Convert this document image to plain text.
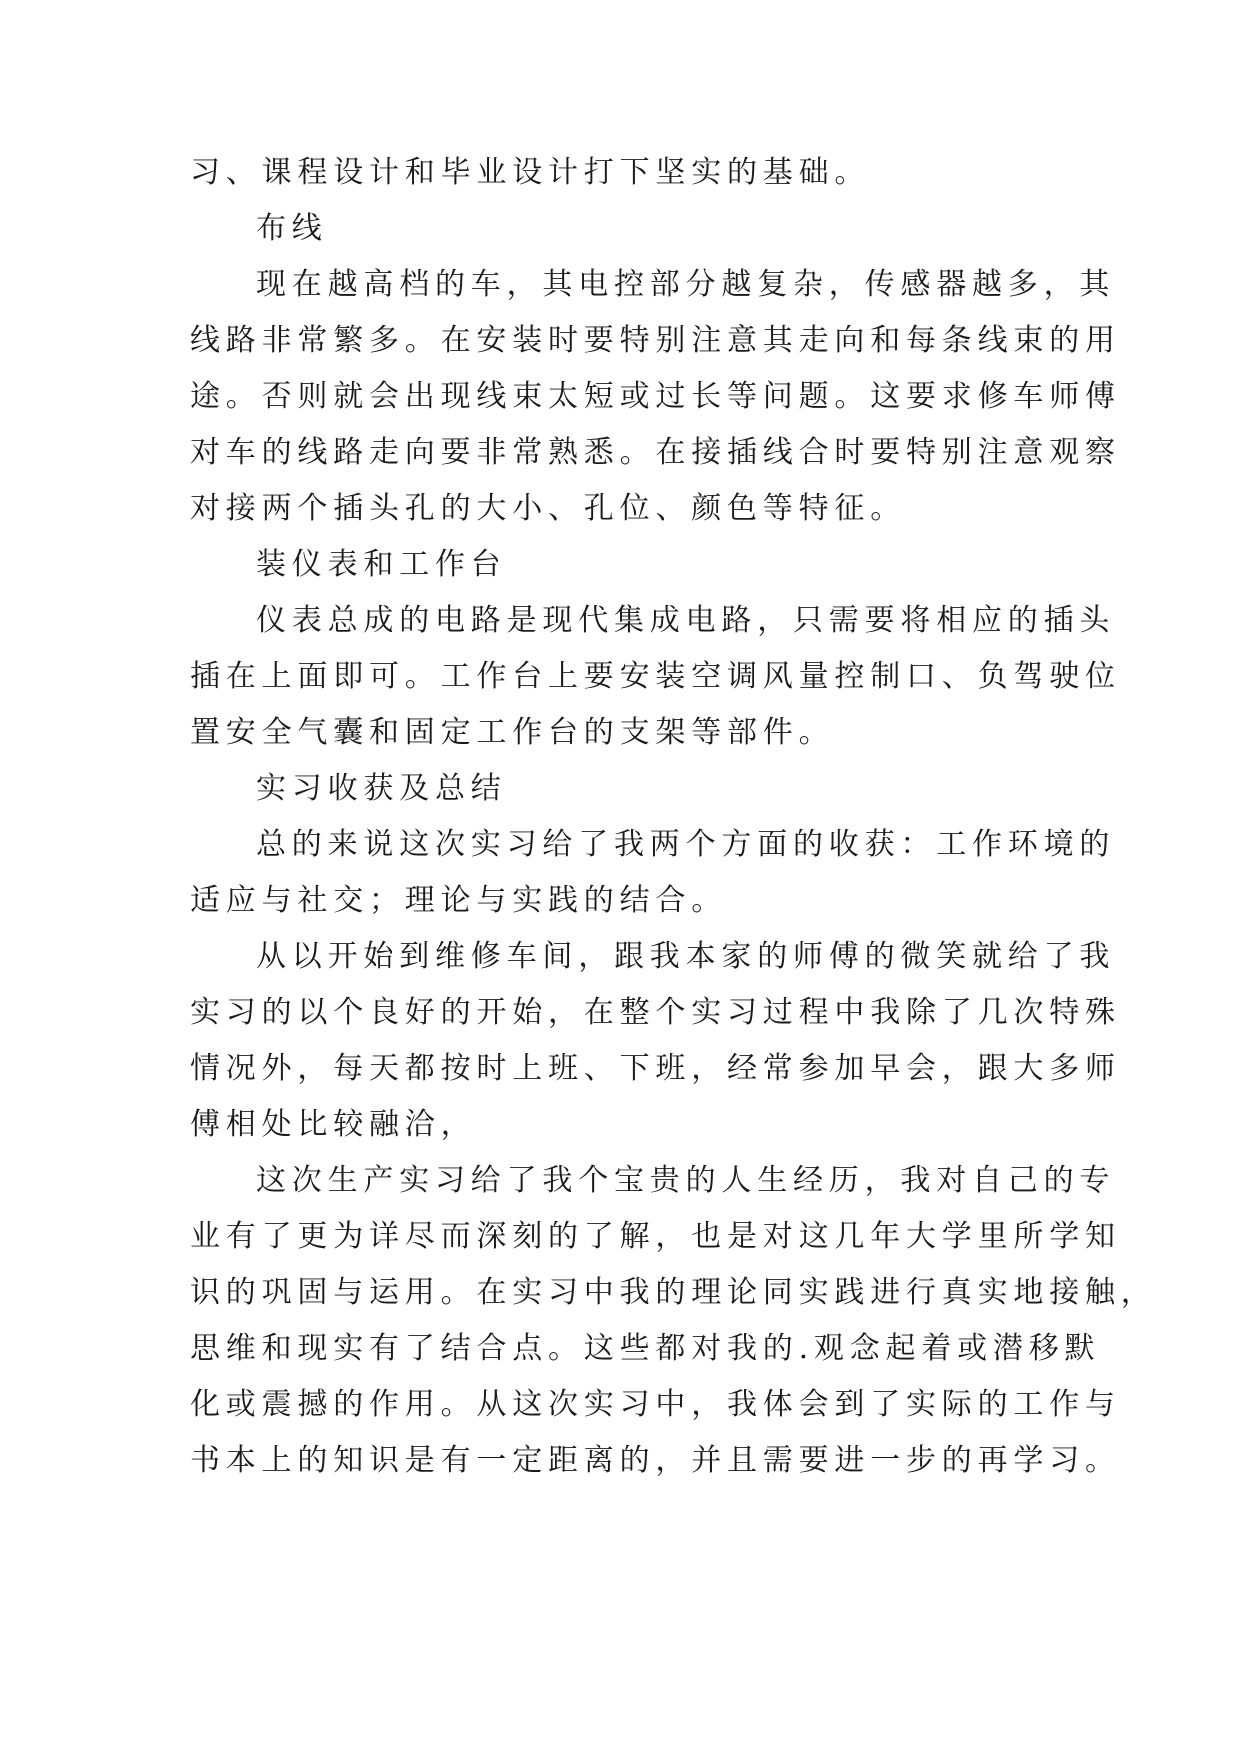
习、课程设计和毕业设计打下坚实的基础。
布线
现在越高档的车，其电控部分越复杂，传感器越多，其
线路非常繁多。在安装时要特别注意其走向和每条线束的用
途。否则就会出现线束太短或过长等问题。这要求修车师傅
对车的线路走向要非常熟悉。在接插线合时要特别注意观察
对接两个插头孔的大小、孔位、颜色等特征。
装仪表和工作台
仪表总成的电路是现代集成电路，只需要将相应的插头
插在上面即可。工作台上要安装空调风量控制口、负驾驶位
置安全气囊和固定工作台的支架等部件。
实习收获及总结
总的来说这次实习给了我两个方面的收获：工作环境的
适应与社交；理论与实践的结合。
从以开始到维修车间，跟我本家的师傅的微笑就给了我
实习的以个良好的开始，在整个实习过程中我除了几次特殊
情况外，每天都按时上班、下班，经常参加早会，跟大多师
傅相处比较融洽，
这次生产实习给了我个宝贵的人生经历，我对自己的专
业有了更为详尽而深刻的了解，也是对这几年大学里所学知
识的巩固与运用。在实习中我的理论同实践进行真实地接触，
思维和现实有了结合点。这些都对我的.观念起着或潜移默
化或震撼的作用。从这次实习中，我体会到了实际的工作与
书本上的知识是有一定距离的，并且需要进一步的再学习。
